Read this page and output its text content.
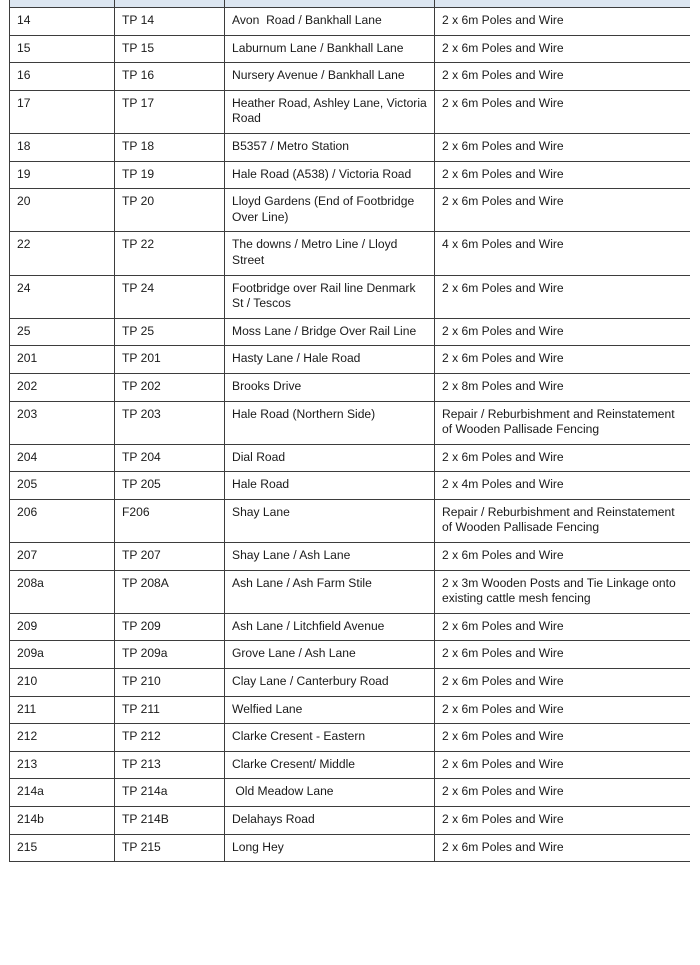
14	TP 14	Avon  Road / Bankhall Lane	2 x 6m Poles and Wire
15	TP 15	Laburnum Lane / Bankhall Lane	2 x 6m Poles and Wire
16	TP 16	Nursery Avenue / Bankhall Lane	2 x 6m Poles and Wire
17	TP 17	Heather Road, Ashley Lane, Victoria Road	2 x 6m Poles and Wire
18	TP 18	B5357 / Metro Station	2 x 6m Poles and Wire
19	TP 19	Hale Road (A538) / Victoria Road	2 x 6m Poles and Wire
20	TP 20	Lloyd Gardens (End of Footbridge Over Line)	2 x 6m Poles and Wire
22	TP 22	The downs / Metro Line / Lloyd Street	4 x 6m Poles and Wire
24	TP 24	Footbridge over Rail line Denmark St / Tescos	2 x 6m Poles and Wire
25	TP 25	Moss Lane / Bridge Over Rail Line	2 x 6m Poles and Wire
201	TP 201	Hasty Lane / Hale Road	2 x 6m Poles and Wire
202	TP 202	Brooks Drive	2 x 8m Poles and Wire
203	TP 203	Hale Road (Northern Side)	Repair / Reburbishment and Reinstatement of Wooden Pallisade Fencing
204	TP 204	Dial Road	2 x 6m Poles and Wire
205	TP 205	Hale Road	2 x 4m Poles and Wire
206	F206	Shay Lane	Repair / Reburbishment and Reinstatement of Wooden Pallisade Fencing
207	TP 207	Shay Lane / Ash Lane	2 x 6m Poles and Wire
208a	TP 208A	Ash Lane / Ash Farm Stile	2 x 3m Wooden Posts and Tie Linkage onto existing cattle mesh fencing
209	TP 209	Ash Lane / Litchfield Avenue	2 x 6m Poles and Wire
209a	TP 209a	Grove Lane / Ash Lane	2 x 6m Poles and Wire
210	TP 210	Clay Lane / Canterbury Road	2 x 6m Poles and Wire
211	TP 211	Welfied Lane	2 x 6m Poles and Wire
212	TP 212	Clarke Cresent - Eastern	2 x 6m Poles and Wire
213	TP 213	Clarke Cresent/ Middle	2 x 6m Poles and Wire
214a	TP 214a	Old Meadow Lane	2 x 6m Poles and Wire
214b	TP 214B	Delahays Road	2 x 6m Poles and Wire
215	TP 215	Long Hey	2 x 6m Poles and Wire
